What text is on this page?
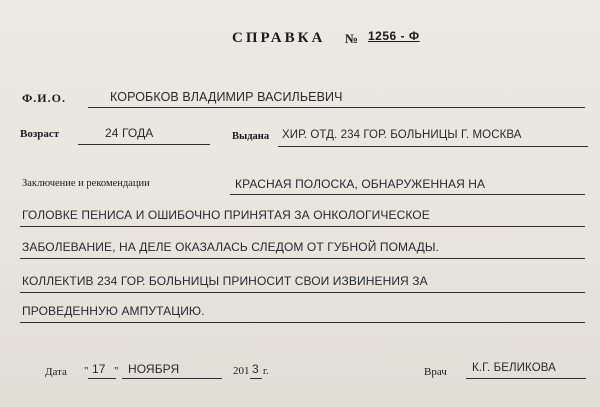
СПРАВКА № 1256 - Ф
Ф.И.О.	КОРОБКОВ ВЛАДИМИР ВАСИЛЬЕВИЧ
Возраст	24 ГОДА	Выдана ХИР. ОТД. 234 ГОР. БОЛЬНИЦЫ Г. МОСКВА
Заключение и рекомендации	КРАСНАЯ ПОЛОСКА, ОБНАРУЖЕННАЯ НА
ГОЛОВКЕ ПЕНИСА И ОШИБОЧНО ПРИНЯТАЯ ЗА ОНКОЛОГИЧЕСКОЕ
ЗАБОЛЕВАНИЕ, НА ДЕЛЕ ОКАЗАЛАСЬ СЛЕДОМ ОТ ГУБНОЙ ПОМАДЫ.
КОЛЛЕКТИВ 234 ГОР. БОЛЬНИЦЫ ПРИНОСИТ СВОИ ИЗВИНЕНИЯ ЗА
ПРОВЕДЕННУЮ АМПУТАЦИЮ.
Дата " 17 " НОЯБРЯ	201 3 г.	Врач К.Г. БЕЛИКОВА
